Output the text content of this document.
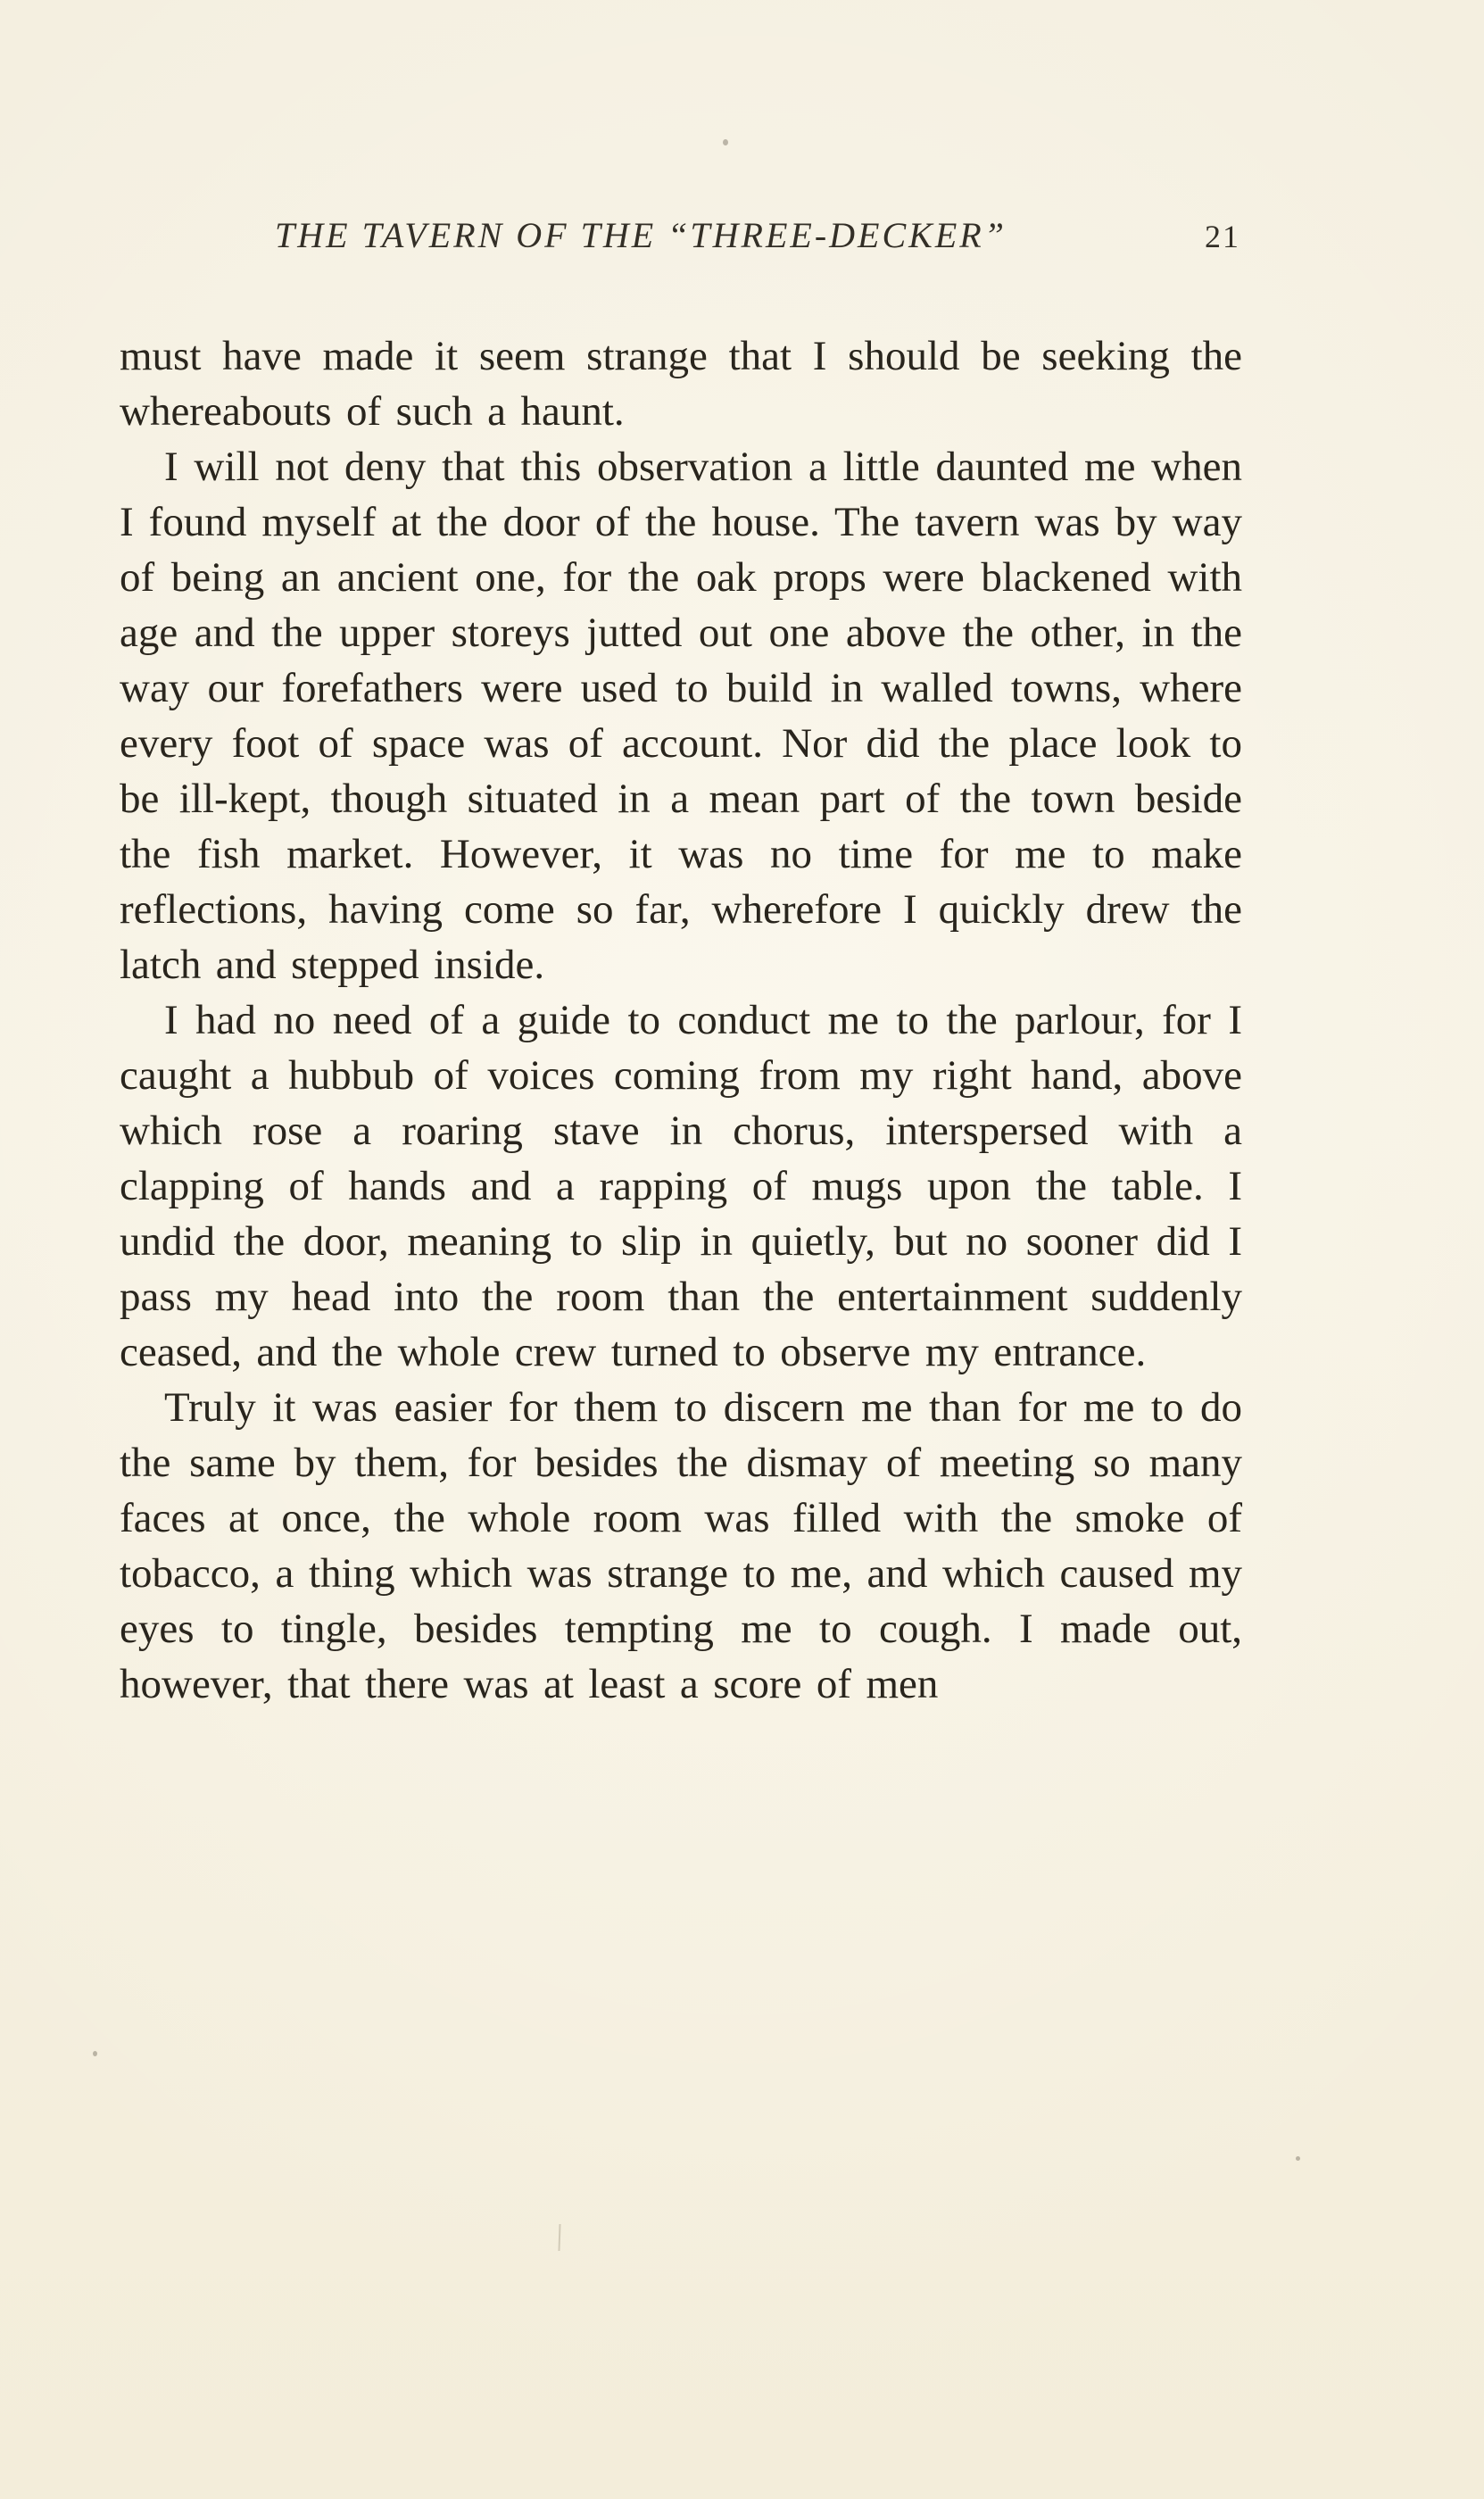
THE TAVERN OF THE “THREE-DECKER”	21

must have made it seem strange that I should be seeking the whereabouts of such a haunt.

I will not deny that this observation a little daunted me when I found myself at the door of the house. The tavern was by way of being an ancient one, for the oak props were blackened with age and the upper storeys jutted out one above the other, in the way our forefathers were used to build in walled towns, where every foot of space was of account. Nor did the place look to be ill-kept, though situated in a mean part of the town beside the fish market. However, it was no time for me to make reflections, having come so far, wherefore I quickly drew the latch and stepped inside.

I had no need of a guide to conduct me to the parlour, for I caught a hubbub of voices coming from my right hand, above which rose a roaring stave in chorus, interspersed with a clapping of hands and a rapping of mugs upon the table. I undid the door, meaning to slip in quietly, but no sooner did I pass my head into the room than the entertainment suddenly ceased, and the whole crew turned to observe my entrance.

Truly it was easier for them to discern me than for me to do the same by them, for besides the dismay of meeting so many faces at once, the whole room was filled with the smoke of tobacco, a thing which was strange to me, and which caused my eyes to tingle, besides tempting me to cough. I made out, however, that there was at least a score of men
